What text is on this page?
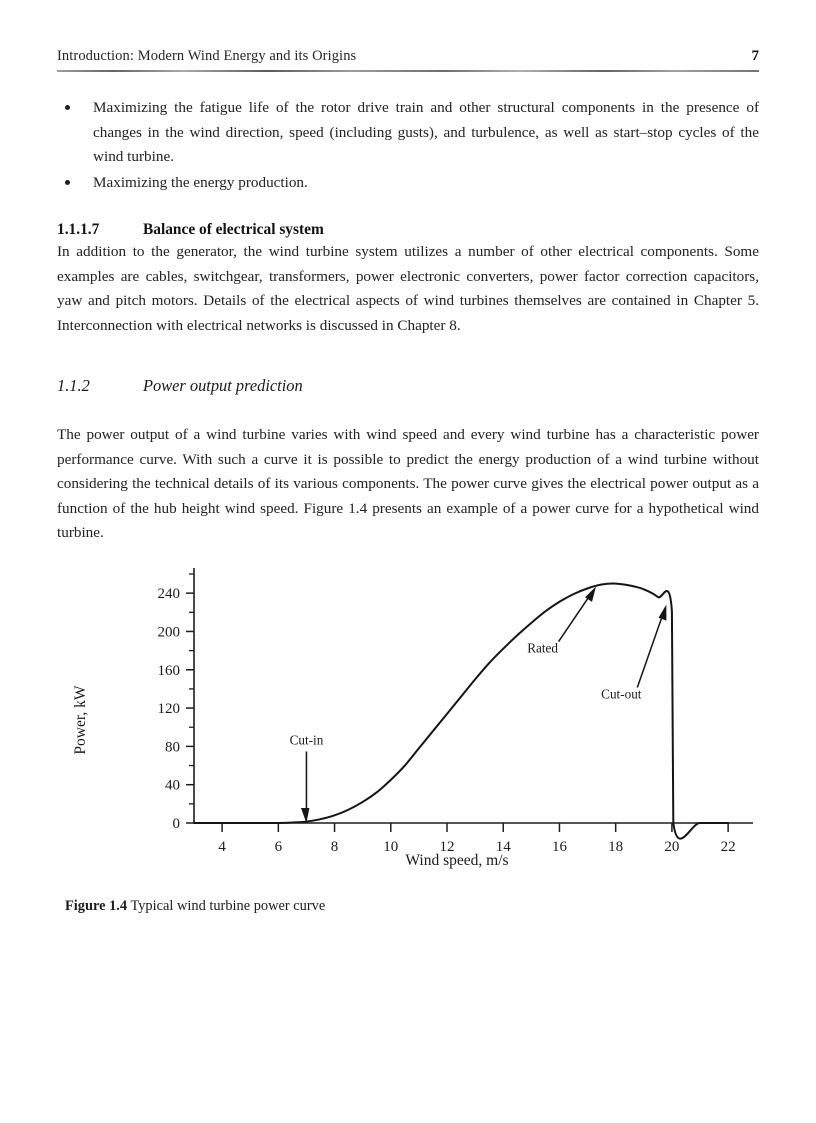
Introduction: Modern Wind Energy and its Origins	7
Maximizing the fatigue life of the rotor drive train and other structural components in the presence of changes in the wind direction, speed (including gusts), and turbulence, as well as start–stop cycles of the wind turbine.
Maximizing the energy production.
1.1.1.7	Balance of electrical system

In addition to the generator, the wind turbine system utilizes a number of other electrical components. Some examples are cables, switchgear, transformers, power electronic converters, power factor correction capacitors, yaw and pitch motors. Details of the electrical aspects of wind turbines themselves are contained in Chapter 5. Interconnection with electrical networks is discussed in Chapter 8.

1.1.2	Power output prediction

The power output of a wind turbine varies with wind speed and every wind turbine has a characteristic power performance curve. With such a curve it is possible to predict the energy production of a wind turbine without considering the technical details of its various components. The power curve gives the electrical power output as a function of the hub height wind speed. Figure 1.4 presents an example of a power curve for a hypothetical wind turbine.

0
40
80
120
160
200
240
4	6	8	10	12	14	16	18	20	22
Cut-in
Rated
Cut-out
Power, kW
Wind speed, m/s
Figure 1.4 Typical wind turbine power curve
